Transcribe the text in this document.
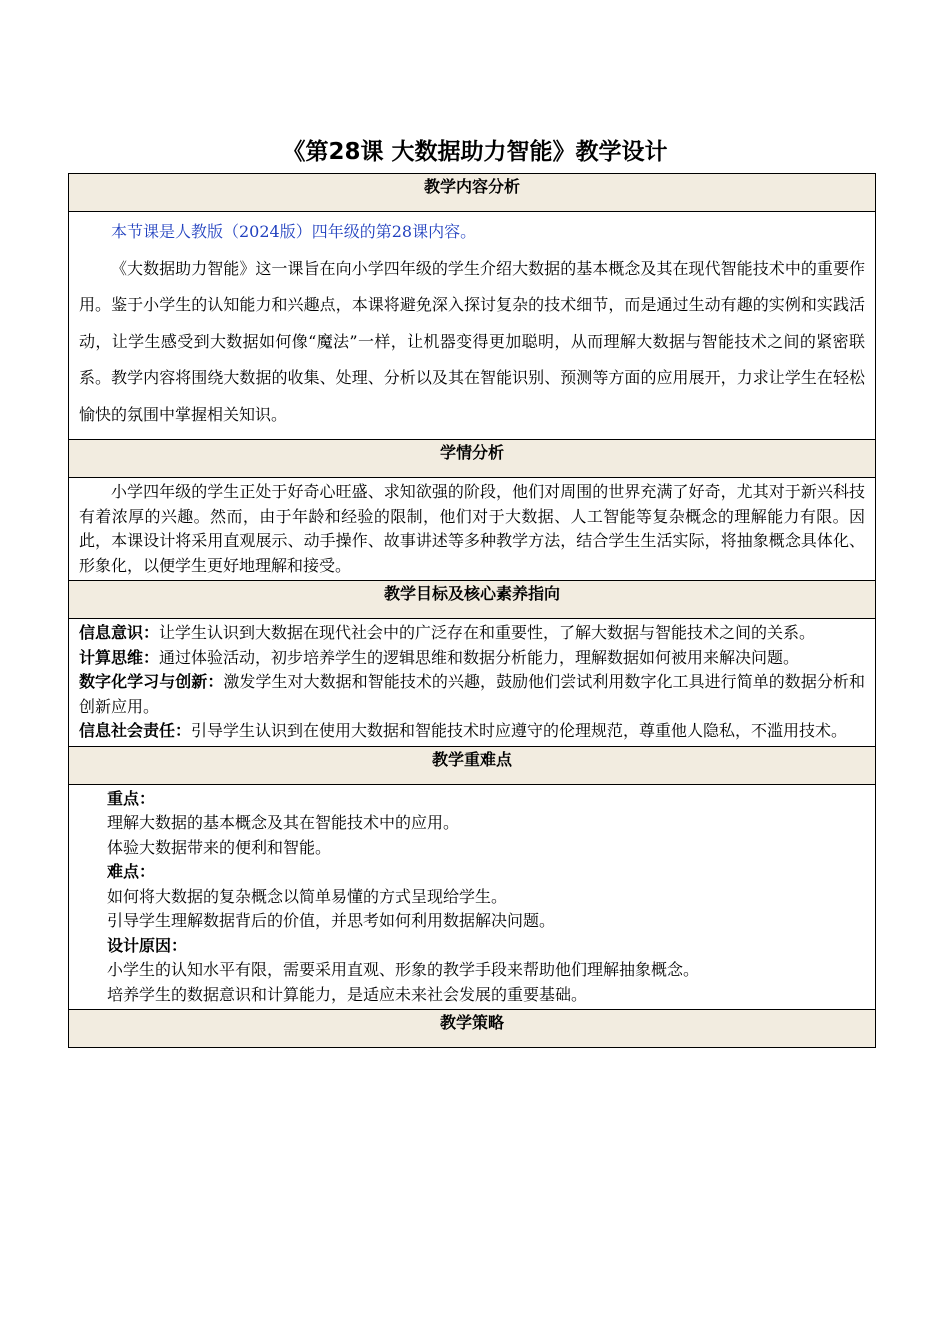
《第28课 大数据助力智能》教学设计
教学内容分析

本节课是人教版（2024版）四年级的第28课内容。

《大数据助力智能》这一课旨在向小学四年级的学生介绍大数据的基本概念及其在现代智能技术中的重要作用。鉴于小学生的认知能力和兴趣点，本课将避免深入探讨复杂的技术细节，而是通过生动有趣的实例和实践活动，让学生感受到大数据如何像“魔法”一样，让机器变得更加聪明，从而理解大数据与智能技术之间的紧密联系。教学内容将围绕大数据的收集、处理、分析以及其在智能识别、预测等方面的应用展开，力求让学生在轻松愉快的氛围中掌握相关知识。

学情分析

小学四年级的学生正处于好奇心旺盛、求知欲强的阶段，他们对周围的世界充满了好奇，尤其对于新兴科技有着浓厚的兴趣。然而，由于年龄和经验的限制，他们对于大数据、人工智能等复杂概念的理解能力有限。因此，本课设计将采用直观展示、动手操作、故事讲述等多种教学方法，结合学生生活实际，将抽象概念具体化、形象化，以便学生更好地理解和接受。

教学目标及核心素养指向

信息意识：让学生认识到大数据在现代社会中的广泛存在和重要性，了解大数据与智能技术之间的关系。

计算思维：通过体验活动，初步培养学生的逻辑思维和数据分析能力，理解数据如何被用来解决问题。

数字化学习与创新：激发学生对大数据和智能技术的兴趣，鼓励他们尝试利用数字化工具进行简单的数据分析和创新应用。

信息社会责任：引导学生认识到在使用大数据和智能技术时应遵守的伦理规范，尊重他人隐私，不滥用技术。

教学重难点

重点：

理解大数据的基本概念及其在智能技术中的应用。

体验大数据带来的便利和智能。

难点：

如何将大数据的复杂概念以简单易懂的方式呈现给学生。

引导学生理解数据背后的价值，并思考如何利用数据解决问题。

设计原因：

小学生的认知水平有限，需要采用直观、形象的教学手段来帮助他们理解抽象概念。

培养学生的数据意识和计算能力，是适应未来社会发展的重要基础。

教学策略
